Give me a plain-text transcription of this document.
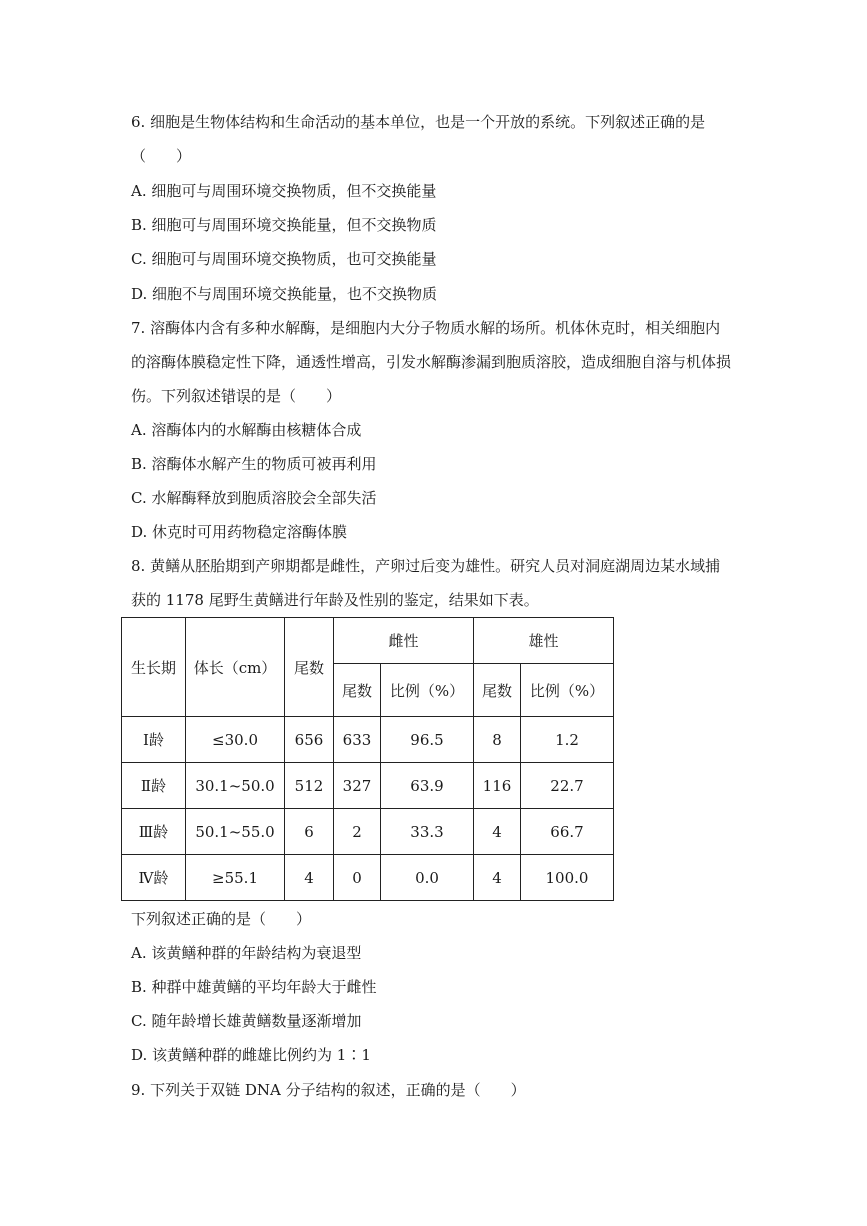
6. 细胞是生物体结构和生命活动的基本单位，也是一个开放的系统。下列叙述正确的是
（　　）
A. 细胞可与周围环境交换物质，但不交换能量
B. 细胞可与周围环境交换能量，但不交换物质
C. 细胞可与周围环境交换物质，也可交换能量
D. 细胞不与周围环境交换能量，也不交换物质
7. 溶酶体内含有多种水解酶，是细胞内大分子物质水解的场所。机体休克时，相关细胞内
的溶酶体膜稳定性下降，通透性增高，引发水解酶渗漏到胞质溶胶，造成细胞自溶与机体损
伤。下列叙述错误的是（　　）
A. 溶酶体内的水解酶由核糖体合成
B. 溶酶体水解产生的物质可被再利用
C. 水解酶释放到胞质溶胶会全部失活
D. 休克时可用药物稳定溶酶体膜
8. 黄鳝从胚胎期到产卵期都是雌性，产卵过后变为雄性。研究人员对洞庭湖周边某水域捕
获的 1178 尾野生黄鳝进行年龄及性别的鉴定，结果如下表。
生长期	体长（cm）	尾数	雌性		雄性	
			尾数	比例（%）	尾数	比例（%）
Ⅰ龄	≤30.0	656	633	96.5	8	1.2
Ⅱ龄	30.1~50.0	512	327	63.9	116	22.7
Ⅲ龄	50.1~55.0	6	2	33.3	4	66.7
Ⅳ龄	≥55.1	4	0	0.0	4	100.0
下列叙述正确的是（　　）
A. 该黄鳝种群的年龄结构为衰退型
B. 种群中雄黄鳝的平均年龄大于雌性
C. 随年龄增长雄黄鳝数量逐渐增加
D. 该黄鳝种群的雌雄比例约为 1∶1
9. 下列关于双链 DNA 分子结构的叙述，正确的是（　　）
